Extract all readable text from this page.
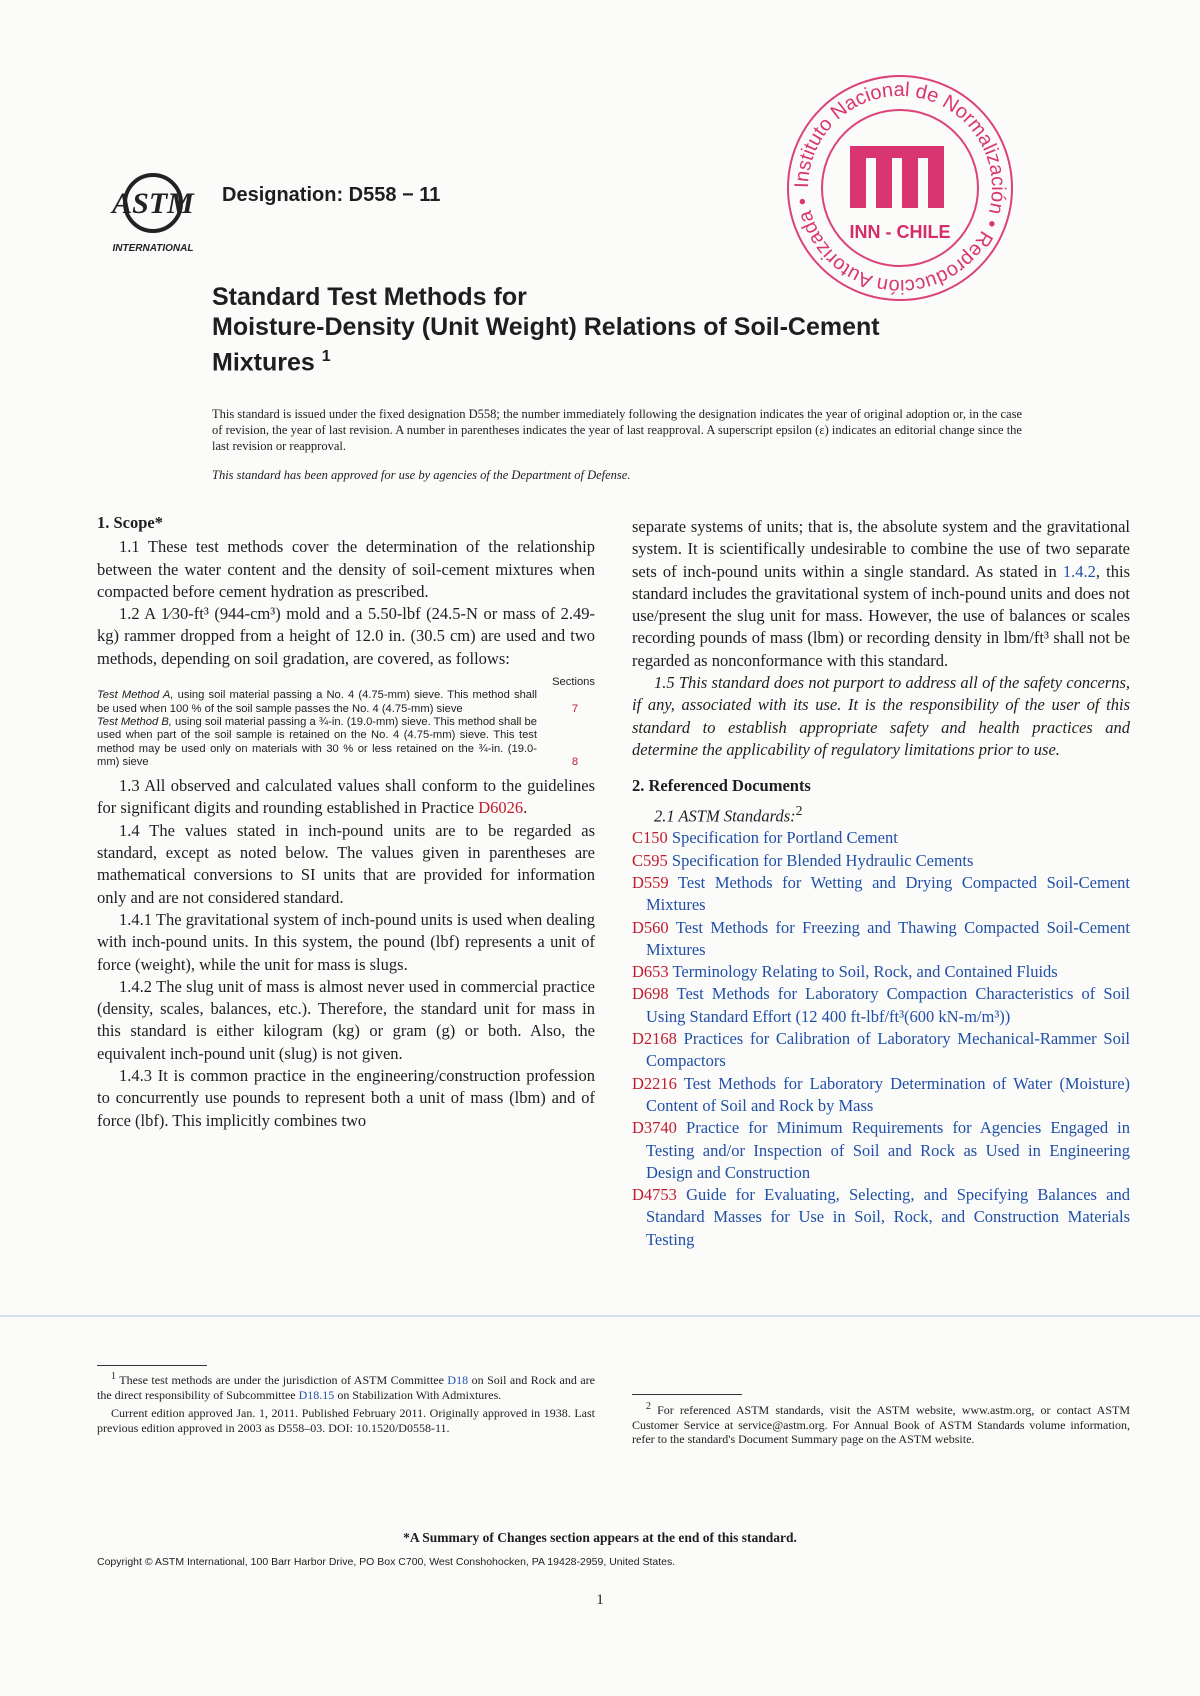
ASTM
INTERNATIONAL
Designation: D558 − 11	Instituto Nacional de Normalización • Reproducción Autorizada •
INN - CHILE
Standard Test Methods for
Moisture-Density (Unit Weight) Relations of Soil-Cement
Mixtures $^1$
This standard is issued under the fixed designation D558; the number immediately following the designation indicates the year of original adoption or, in the case of revision, the year of last revision. A number in parentheses indicates the year of last reapproval. A superscript epsilon (ε) indicates an editorial change since the last revision or reapproval.
This standard has been approved for use by agencies of the Department of Defense.
1. Scope*

1.1 These test methods cover the determination of the relationship between the water content and the density of soil-cement mixtures when compacted before cement hydration as prescribed.

1.2 A 1⁄30-ft³ (944-cm³) mold and a 5.50-lbf (24.5-N or mass of 2.49-kg) rammer dropped from a height of 12.0 in. (30.5 cm) are used and two methods, depending on soil gradation, are covered, as follows:

Sections
Test Method A, using soil material passing a No. 4 (4.75-mm) sieve. This method shall be used when 100 % of the soil sample passes the No. 4 (4.75-mm) sieve	7
Test Method B, using soil material passing a ¾-in. (19.0-mm) sieve. This method shall be used when part of the soil sample is retained on the No. 4 (4.75-mm) sieve. This test method may be used only on materials with 30 % or less retained on the ¾-in. (19.0-mm) sieve	8

1.3 All observed and calculated values shall conform to the guidelines for significant digits and rounding established in Practice D6026.

1.4 The values stated in inch-pound units are to be regarded as standard, except as noted below. The values given in parentheses are mathematical conversions to SI units that are provided for information only and are not considered standard.

1.4.1 The gravitational system of inch-pound units is used when dealing with inch-pound units. In this system, the pound (lbf) represents a unit of force (weight), while the unit for mass is slugs.

1.4.2 The slug unit of mass is almost never used in commercial practice (density, scales, balances, etc.). Therefore, the standard unit for mass in this standard is either kilogram (kg) or gram (g) or both. Also, the equivalent inch-pound unit (slug) is not given.

1.4.3 It is common practice in the engineering/construction profession to concurrently use pounds to represent both a unit of mass (lbm) and of force (lbf). This implicitly combines two

separate systems of units; that is, the absolute system and the gravitational system. It is scientifically undesirable to combine the use of two separate sets of inch-pound units within a single standard. As stated in 1.4.2, this standard includes the gravitational system of inch-pound units and does not use/present the slug unit for mass. However, the use of balances or scales recording pounds of mass (lbm) or recording density in lbm/ft³ shall not be regarded as nonconformance with this standard.

1.5 This standard does not purport to address all of the safety concerns, if any, associated with its use. It is the responsibility of the user of this standard to establish appropriate safety and health practices and determine the applicability of regulatory limitations prior to use.

2. Referenced Documents

2.1 ASTM Standards:$^2$

C150 Specification for Portland Cement

C595 Specification for Blended Hydraulic Cements

D559 Test Methods for Wetting and Drying Compacted Soil-Cement Mixtures

D560 Test Methods for Freezing and Thawing Compacted Soil-Cement Mixtures

D653 Terminology Relating to Soil, Rock, and Contained Fluids

D698 Test Methods for Laboratory Compaction Characteristics of Soil Using Standard Effort (12 400 ft-lbf/ft³(600 kN-m/m³))

D2168 Practices for Calibration of Laboratory Mechanical-Rammer Soil Compactors

D2216 Test Methods for Laboratory Determination of Water (Moisture) Content of Soil and Rock by Mass

D3740 Practice for Minimum Requirements for Agencies Engaged in Testing and/or Inspection of Soil and Rock as Used in Engineering Design and Construction

D4753 Guide for Evaluating, Selecting, and Specifying Balances and Standard Masses for Use in Soil, Rock, and Construction Materials Testing

$^1$ These test methods are under the jurisdiction of ASTM Committee D18 on Soil and Rock and are the direct responsibility of Subcommittee D18.15 on Stabilization With Admixtures.

Current edition approved Jan. 1, 2011. Published February 2011. Originally approved in 1938. Last previous edition approved in 2003 as D558–03. DOI: 10.1520/D0558-11.

$^2$ For referenced ASTM standards, visit the ASTM website, www.astm.org, or contact ASTM Customer Service at service@astm.org. For Annual Book of ASTM Standards volume information, refer to the standard's Document Summary page on the ASTM website.

*A Summary of Changes section appears at the end of this standard.
Copyright © ASTM International, 100 Barr Harbor Drive, PO Box C700, West Conshohocken, PA 19428-2959, United States.
1
